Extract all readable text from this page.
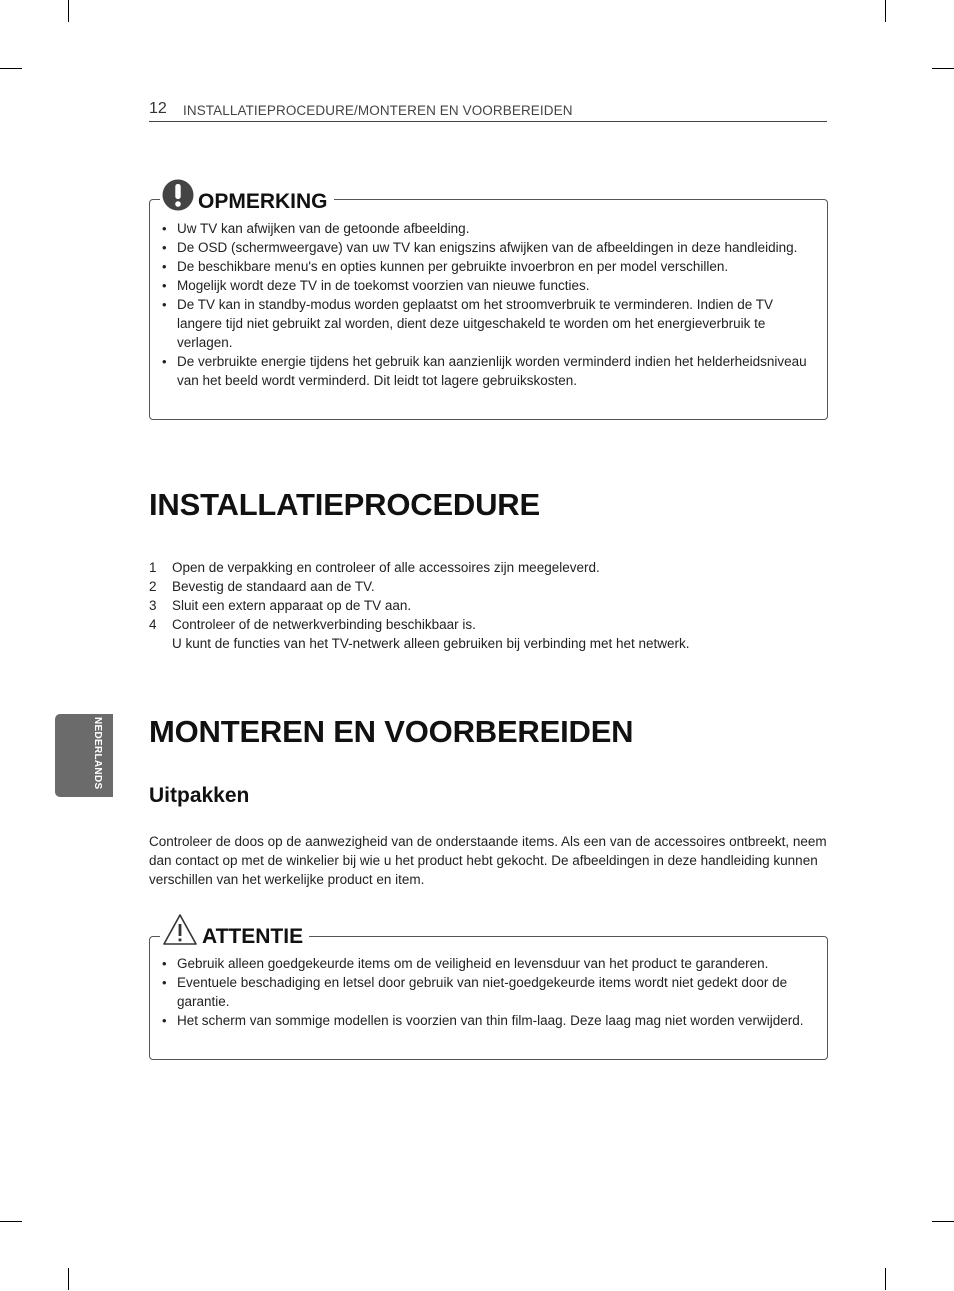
12 INSTALLATIEPROCEDURE/MONTEREN EN VOORBEREIDEN
OPMERKING
• Uw TV kan afwijken van de getoonde afbeelding.
• De OSD (schermweergave) van uw TV kan enigszins afwijken van de afbeeldingen in deze handleiding.
• De beschikbare menu's en opties kunnen per gebruikte invoerbron en per model verschillen.
• Mogelijk wordt deze TV in de toekomst voorzien van nieuwe functies.
• De TV kan in standby-modus worden geplaatst om het stroomverbruik te verminderen. Indien de TV langere tijd niet gebruikt zal worden, dient deze uitgeschakeld te worden om het energieverbruik te verlagen.
• De verbruikte energie tijdens het gebruik kan aanzienlijk worden verminderd indien het helderheidsniveau van het beeld wordt verminderd. Dit leidt tot lagere gebruikskosten.
INSTALLATIEPROCEDURE
1 Open de verpakking en controleer of alle accessoires zijn meegeleverd.
2 Bevestig de standaard aan de TV.
3 Sluit een extern apparaat op de TV aan.
4 Controleer of de netwerkverbinding beschikbaar is.
U kunt de functies van het TV-netwerk alleen gebruiken bij verbinding met het netwerk.
MONTEREN EN VOORBEREIDEN
Uitpakken

Controleer de doos op de aanwezigheid van de onderstaande items. Als een van de accessoires ontbreekt, neem dan contact op met de winkelier bij wie u het product hebt gekocht. De afbeeldingen in deze handleiding kunnen verschillen van het werkelijke product en item.

ATTENTIE
• Gebruik alleen goedgekeurde items om de veiligheid en levensduur van het product te garanderen.
• Eventuele beschadiging en letsel door gebruik van niet-goedgekeurde items wordt niet gedekt door de garantie.
• Het scherm van sommige modellen is voorzien van thin film-laag. Deze laag mag niet worden verwijderd.
NEDERLANDS
